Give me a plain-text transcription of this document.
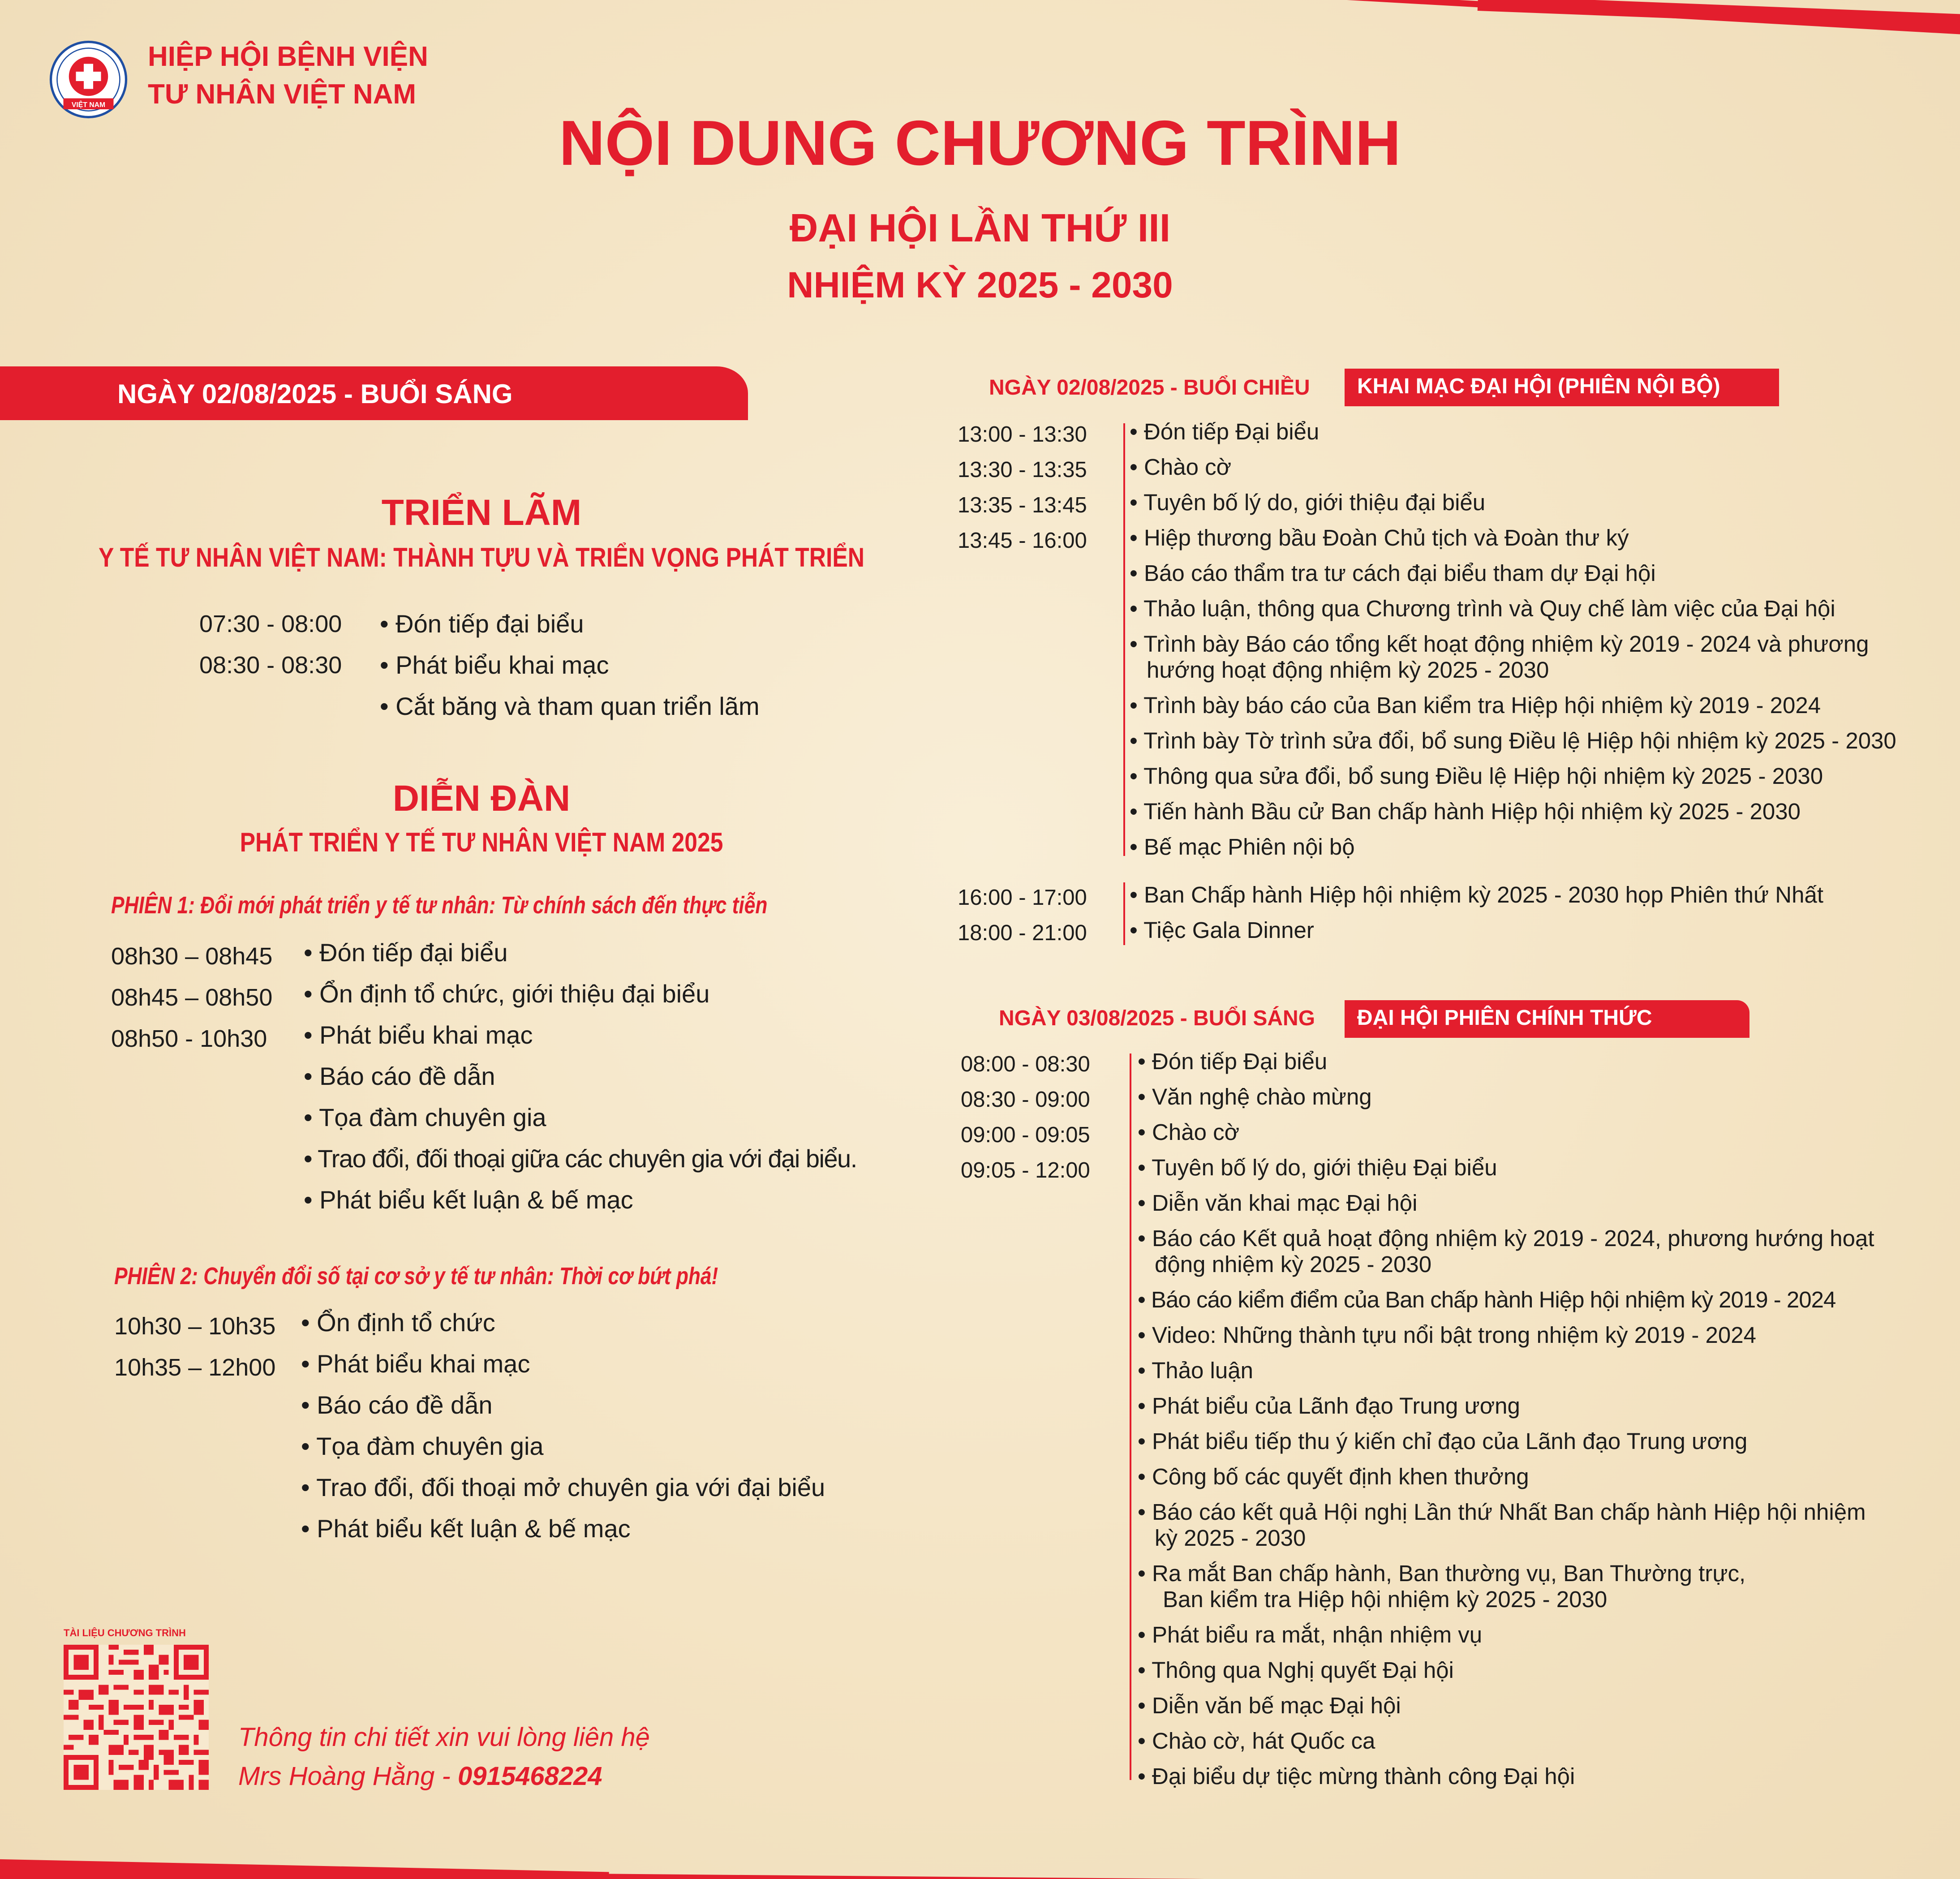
VIỆT NAM
HIỆP HỘI BỆNH VIỆN
TƯ NHÂN VIỆT NAM
NỘI DUNG CHƯƠNG TRÌNH
ĐẠI HỘI LẦN THỨ III
NHIỆM KỲ 2025 - 2030
NGÀY 02/08/2025 - BUỔI SÁNG
TRIỂN LÃM
Y TẾ TƯ NHÂN VIỆT NAM: THÀNH TỰU VÀ TRIỂN VỌNG PHÁT TRIỂN
07:30 - 08:00 • Đón tiếp đại biểu
08:30 - 08:30 • Phát biểu khai mạc
• Cắt băng và tham quan triển lãm
DIỄN ĐÀN
PHÁT TRIỂN Y TẾ TƯ NHÂN VIỆT NAM 2025
PHIÊN 1: Đổi mới phát triển y tế tư nhân: Từ chính sách đến thực tiễn
08h30 – 08h45
08h45 – 08h50
08h50 - 10h30
• Đón tiếp đại biểu
• Ổn định tổ chức, giới thiệu đại biểu
• Phát biểu khai mạc
• Báo cáo đề dẫn
• Tọa đàm chuyên gia
• Trao đổi, đối thoại giữa các chuyên gia với đại biểu.
• Phát biểu kết luận & bế mạc
PHIÊN 2: Chuyển đổi số tại cơ sở y tế tư nhân: Thời cơ bứt phá!
10h30 – 10h35
10h35 – 12h00
• Ổn định tổ chức
• Phát biểu khai mạc
• Báo cáo đề dẫn
• Tọa đàm chuyên gia
• Trao đổi, đối thoại mở chuyên gia với đại biểu
• Phát biểu kết luận & bế mạc
TÀI LIỆU CHƯƠNG TRÌNH
Thông tin chi tiết xin vui lòng liên hệ
Mrs Hoàng Hằng - 0915468224
NGÀY 02/08/2025 - BUỔI CHIỀU	KHAI MẠC ĐẠI HỘI (PHIÊN NỘI BỘ)
13:00 - 13:30
13:30 - 13:35
13:35 - 13:45
13:45 - 16:00
• Đón tiếp Đại biểu
• Chào cờ
• Tuyên bố lý do, giới thiệu đại biểu
• Hiệp thương bầu Đoàn Chủ tịch và Đoàn thư ký
• Báo cáo thẩm tra tư cách đại biểu tham dự Đại hội
• Thảo luận, thông qua Chương trình và Quy chế làm việc của Đại hội
• Trình bày Báo cáo tổng kết hoạt động nhiệm kỳ 2019 - 2024 và phương
hướng hoạt động nhiệm kỳ 2025 - 2030
• Trình bày báo cáo của Ban kiểm tra Hiệp hội nhiệm kỳ 2019 - 2024
• Trình bày Tờ trình sửa đổi, bổ sung Điều lệ Hiệp hội nhiệm kỳ 2025 - 2030
• Thông qua sửa đổi, bổ sung Điều lệ Hiệp hội nhiệm kỳ 2025 - 2030
• Tiến hành Bầu cử Ban chấp hành Hiệp hội nhiệm kỳ 2025 - 2030
• Bế mạc Phiên nội bộ
16:00 - 17:00
18:00 - 21:00
• Ban Chấp hành Hiệp hội nhiệm kỳ 2025 - 2030 họp Phiên thứ Nhất
• Tiệc Gala Dinner
NGÀY 03/08/2025 - BUỔI SÁNG	ĐẠI HỘI PHIÊN CHÍNH THỨC
08:00 - 08:30
08:30 - 09:00
09:00 - 09:05
09:05 - 12:00
• Đón tiếp Đại biểu
• Văn nghệ chào mừng
• Chào cờ
• Tuyên bố lý do, giới thiệu Đại biểu
• Diễn văn khai mạc Đại hội
• Báo cáo Kết quả hoạt động nhiệm kỳ 2019 - 2024, phương hướng hoạt
động nhiệm kỳ 2025 - 2030
• Báo cáo kiểm điểm của Ban chấp hành Hiệp hội nhiệm kỳ 2019 - 2024
• Video: Những thành tựu nổi bật trong nhiệm kỳ 2019 - 2024
• Thảo luận
• Phát biểu của Lãnh đạo Trung ương
• Phát biểu tiếp thu ý kiến chỉ đạo của Lãnh đạo Trung ương
• Công bố các quyết định khen thưởng
• Báo cáo kết quả Hội nghị Lần thứ Nhất Ban chấp hành Hiệp hội nhiệm
kỳ 2025 - 2030
• Ra mắt Ban chấp hành, Ban thường vụ, Ban Thường trực,
Ban kiểm tra Hiệp hội nhiệm kỳ 2025 - 2030
• Phát biểu ra mắt, nhận nhiệm vụ
• Thông qua Nghị quyết Đại hội
• Diễn văn bế mạc Đại hội
• Chào cờ, hát Quốc ca
• Đại biểu dự tiệc mừng thành công Đại hội
